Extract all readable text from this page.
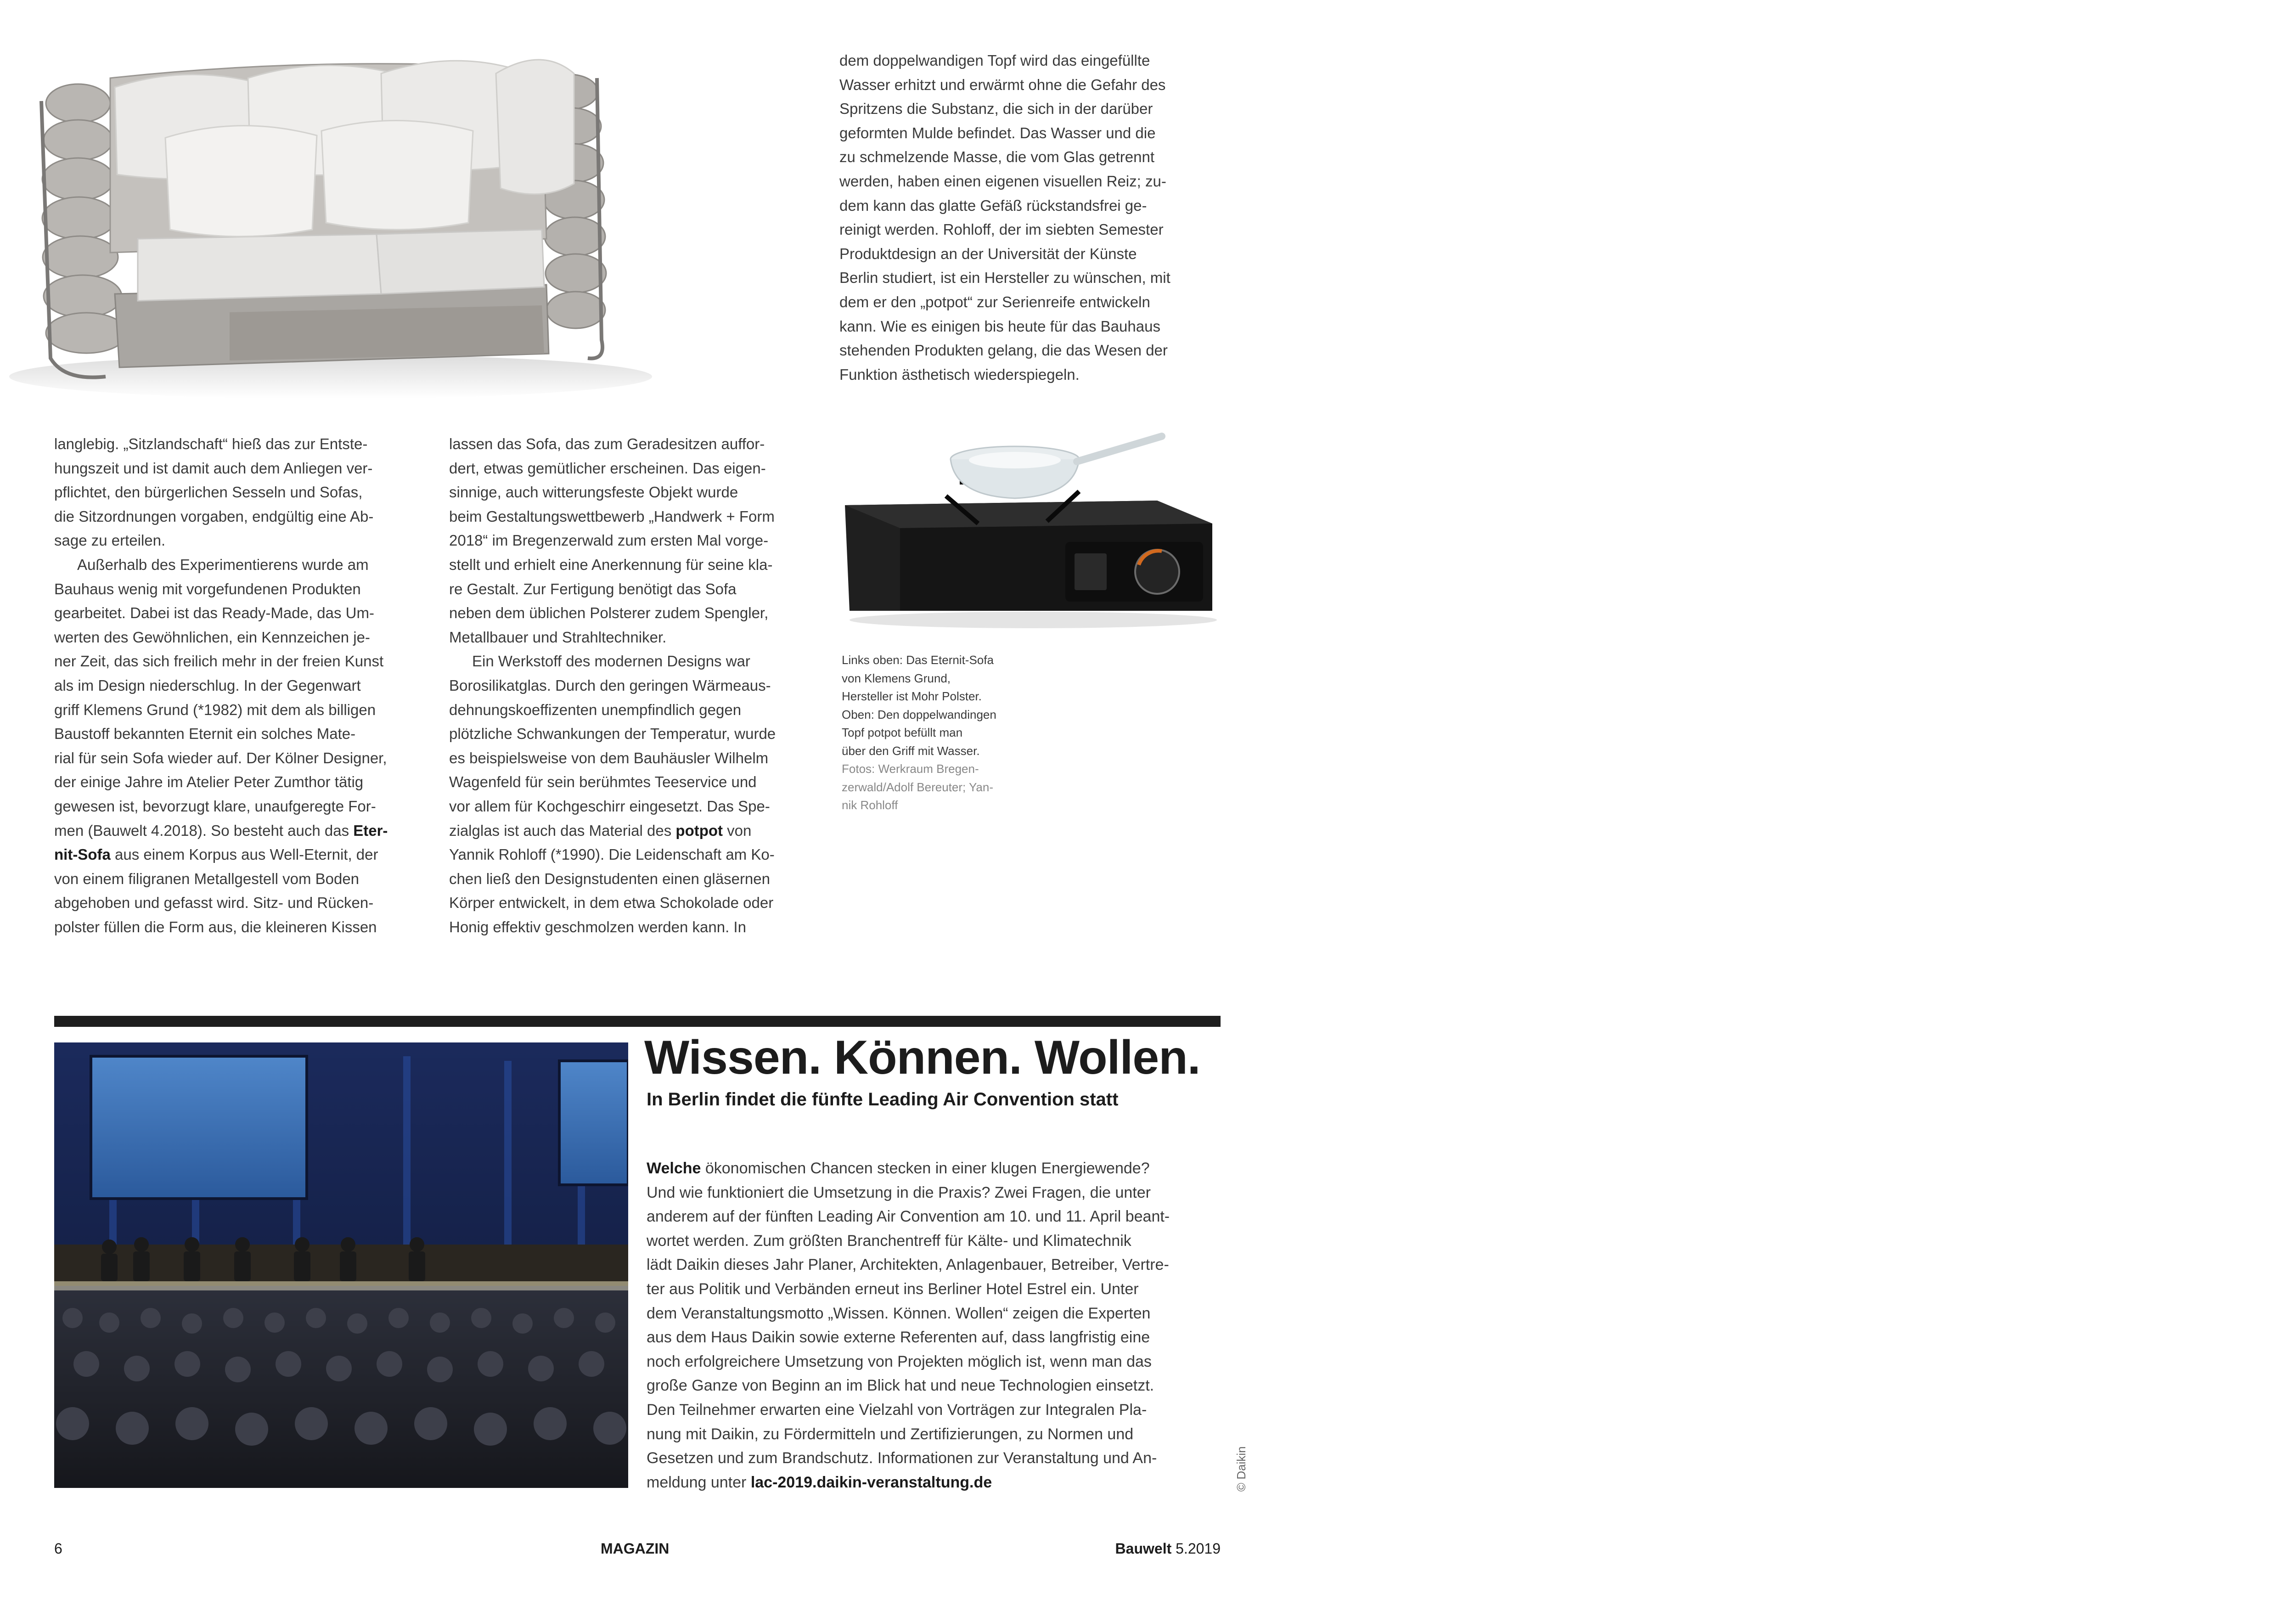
dem doppelwandigen Topf wird das eingefüllte
Wasser erhitzt und erwärmt ohne die Gefahr des
Spritzens die Substanz, die sich in der darüber
geformten Mulde befindet. Das Wasser und die
zu schmelzende Masse, die vom Glas getrennt
werden, haben einen eigenen visuellen Reiz; zu-
dem kann das glatte Gefäß rückstandsfrei ge-
reinigt werden. Rohloff, der im siebten Semester
Produktdesign an der Universität der Künste
Berlin studiert, ist ein Hersteller zu wünschen, mit
dem er den „potpot“ zur Serienreife entwickeln
kann. Wie es einigen bis heute für das Bauhaus
stehenden Produkten gelang, die das Wesen der
Funktion ästhetisch wiederspiegeln.

langlebig. „Sitzlandschaft“ hieß das zur Entste-
hungszeit und ist damit auch dem Anliegen ver-
pflichtet, den bürgerlichen Sesseln und Sofas,
die Sitzordnungen vorgaben, endgültig eine Ab-
sage zu erteilen.

Außerhalb des Experimentierens wurde am
Bauhaus wenig mit vorgefundenen Produkten
gearbeitet. Dabei ist das Ready-Made, das Um-
werten des Gewöhnlichen, ein Kennzeichen je-
ner Zeit, das sich freilich mehr in der freien Kunst
als im Design niederschlug. In der Gegenwart
griff Klemens Grund (*1982) mit dem als billigen
Baustoff bekannten Eternit ein solches Mate-
rial für sein Sofa wieder auf. Der Kölner Designer,
der einige Jahre im Atelier Peter Zumthor tätig
gewesen ist, bevorzugt klare, unaufgeregte For-
men (Bauwelt 4.2018). So besteht auch das Eter-
nit-Sofa aus einem Korpus aus Well-Eternit, der
von einem filigranen Metallgestell vom Boden
abgehoben und gefasst wird. Sitz- und Rücken-
polster füllen die Form aus, die kleineren Kissen

lassen das Sofa, das zum Geradesitzen auffor-
dert, etwas gemütlicher erscheinen. Das eigen-
sinnige, auch witterungsfeste Objekt wurde
beim Gestaltungswettbewerb „Handwerk + Form
2018“ im Bregenzerwald zum ersten Mal vorge-
stellt und erhielt eine Anerkennung für seine kla-
re Gestalt. Zur Fertigung benötigt das Sofa
neben dem üblichen Polsterer zudem Spengler,
Metallbauer und Strahltechniker.

Ein Werkstoff des modernen Designs war
Borosilikatglas. Durch den geringen Wärmeaus-
dehnungskoeffizenten unempfindlich gegen
plötzliche Schwankungen der Temperatur, wurde
es beispielsweise von dem Bauhäusler Wilhelm
Wagenfeld für sein berühmtes Teeservice und
vor allem für Kochgeschirr eingesetzt. Das Spe-
zialglas ist auch das Material des potpot von
Yannik Rohloff (*1990). Die Leidenschaft am Ko-
chen ließ den Designstudenten einen gläsernen
Körper entwickelt, in dem etwa Schokolade oder
Honig effektiv geschmolzen werden kann. In

Links oben: Das Eternit-Sofa
von Klemens Grund,
Hersteller ist Mohr Polster.
Oben: Den doppelwandingen
Topf potpot befüllt man
über den Griff mit Wasser.
Fotos: Werkraum Bregen-
zerwald/Adolf Bereuter; Yan-
nik Rohloff
Wissen. Können. Wollen.
In Berlin findet die fünfte Leading Air Convention statt

Welche ökonomischen Chancen stecken in einer klugen Energiewende?
Und wie funktioniert die Umsetzung in die Praxis? Zwei Fragen, die unter
anderem auf der fünften Leading Air Convention am 10. und 11. April beant-
wortet werden. Zum größten Branchentreff für Kälte- und Klimatechnik
lädt Daikin dieses Jahr Planer, Architekten, Anlagenbauer, Betreiber, Vertre-
ter aus Politik und Verbänden erneut ins Berliner Hotel Estrel ein. Unter
dem Veranstaltungsmotto „Wissen. Können. Wollen“ zeigen die Experten
aus dem Haus Daikin sowie externe Referenten auf, dass langfristig eine
noch erfolgreichere Umsetzung von Projekten möglich ist, wenn man das
große Ganze von Beginn an im Blick hat und neue Technologien einsetzt.
Den Teilnehmer erwarten eine Vielzahl von Vorträgen zur Integralen Pla-
nung mit Daikin, zu Fördermitteln und Zertifizierungen, zu Normen und
Gesetzen und zum Brandschutz. Informationen zur Veranstaltung und An-
meldung unter lac-2019.daikin-veranstaltung.de	© Daikin
6	MAGAZIN	Bauwelt 5.2019
